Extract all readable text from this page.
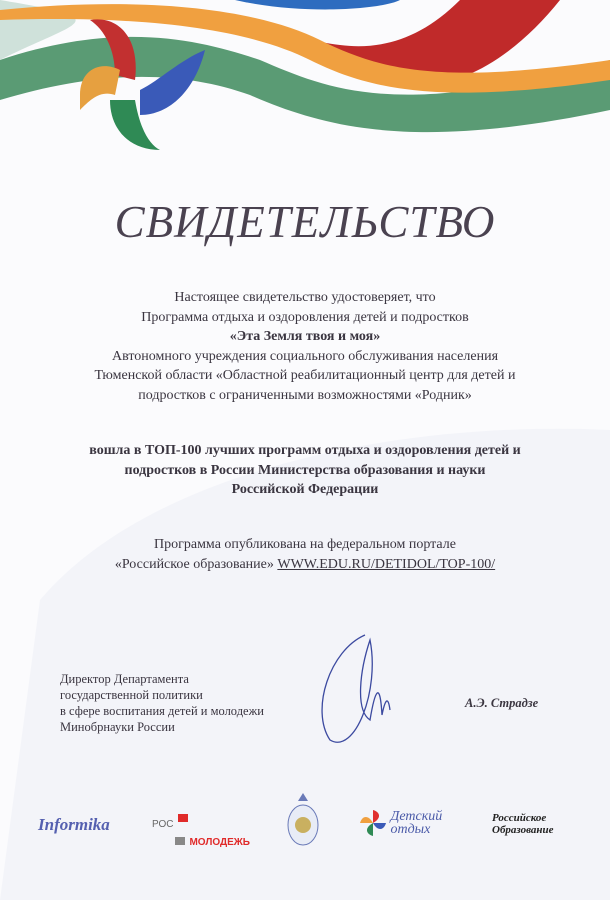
СВИДЕТЕЛЬСТВО
Настоящее свидетельство удостоверяет, что
Программа отдыха и оздоровления детей и подростков
«Эта Земля твоя и моя»
Автономного учреждения социального обслуживания населения
Тюменской области «Областной реабилитационный центр для детей и
подростков с ограниченными возможностями «Родник»
вошла в ТОП-100 лучших программ отдыха и оздоровления детей и
подростков в России Министерства образования и науки
Российской Федерации
Программа опубликована на федеральном портале
«Российское образование» WWW.EDU.RU/DETIDOL/TOP-100/
Директор Департамента
государственной политики
в сфере воспитания детей и молодежи
Минобрнауки России
А.Э. Страдзе
Informika	РОС
МОЛОДЕЖЬ
Детский
отдых
Российское
Образование
